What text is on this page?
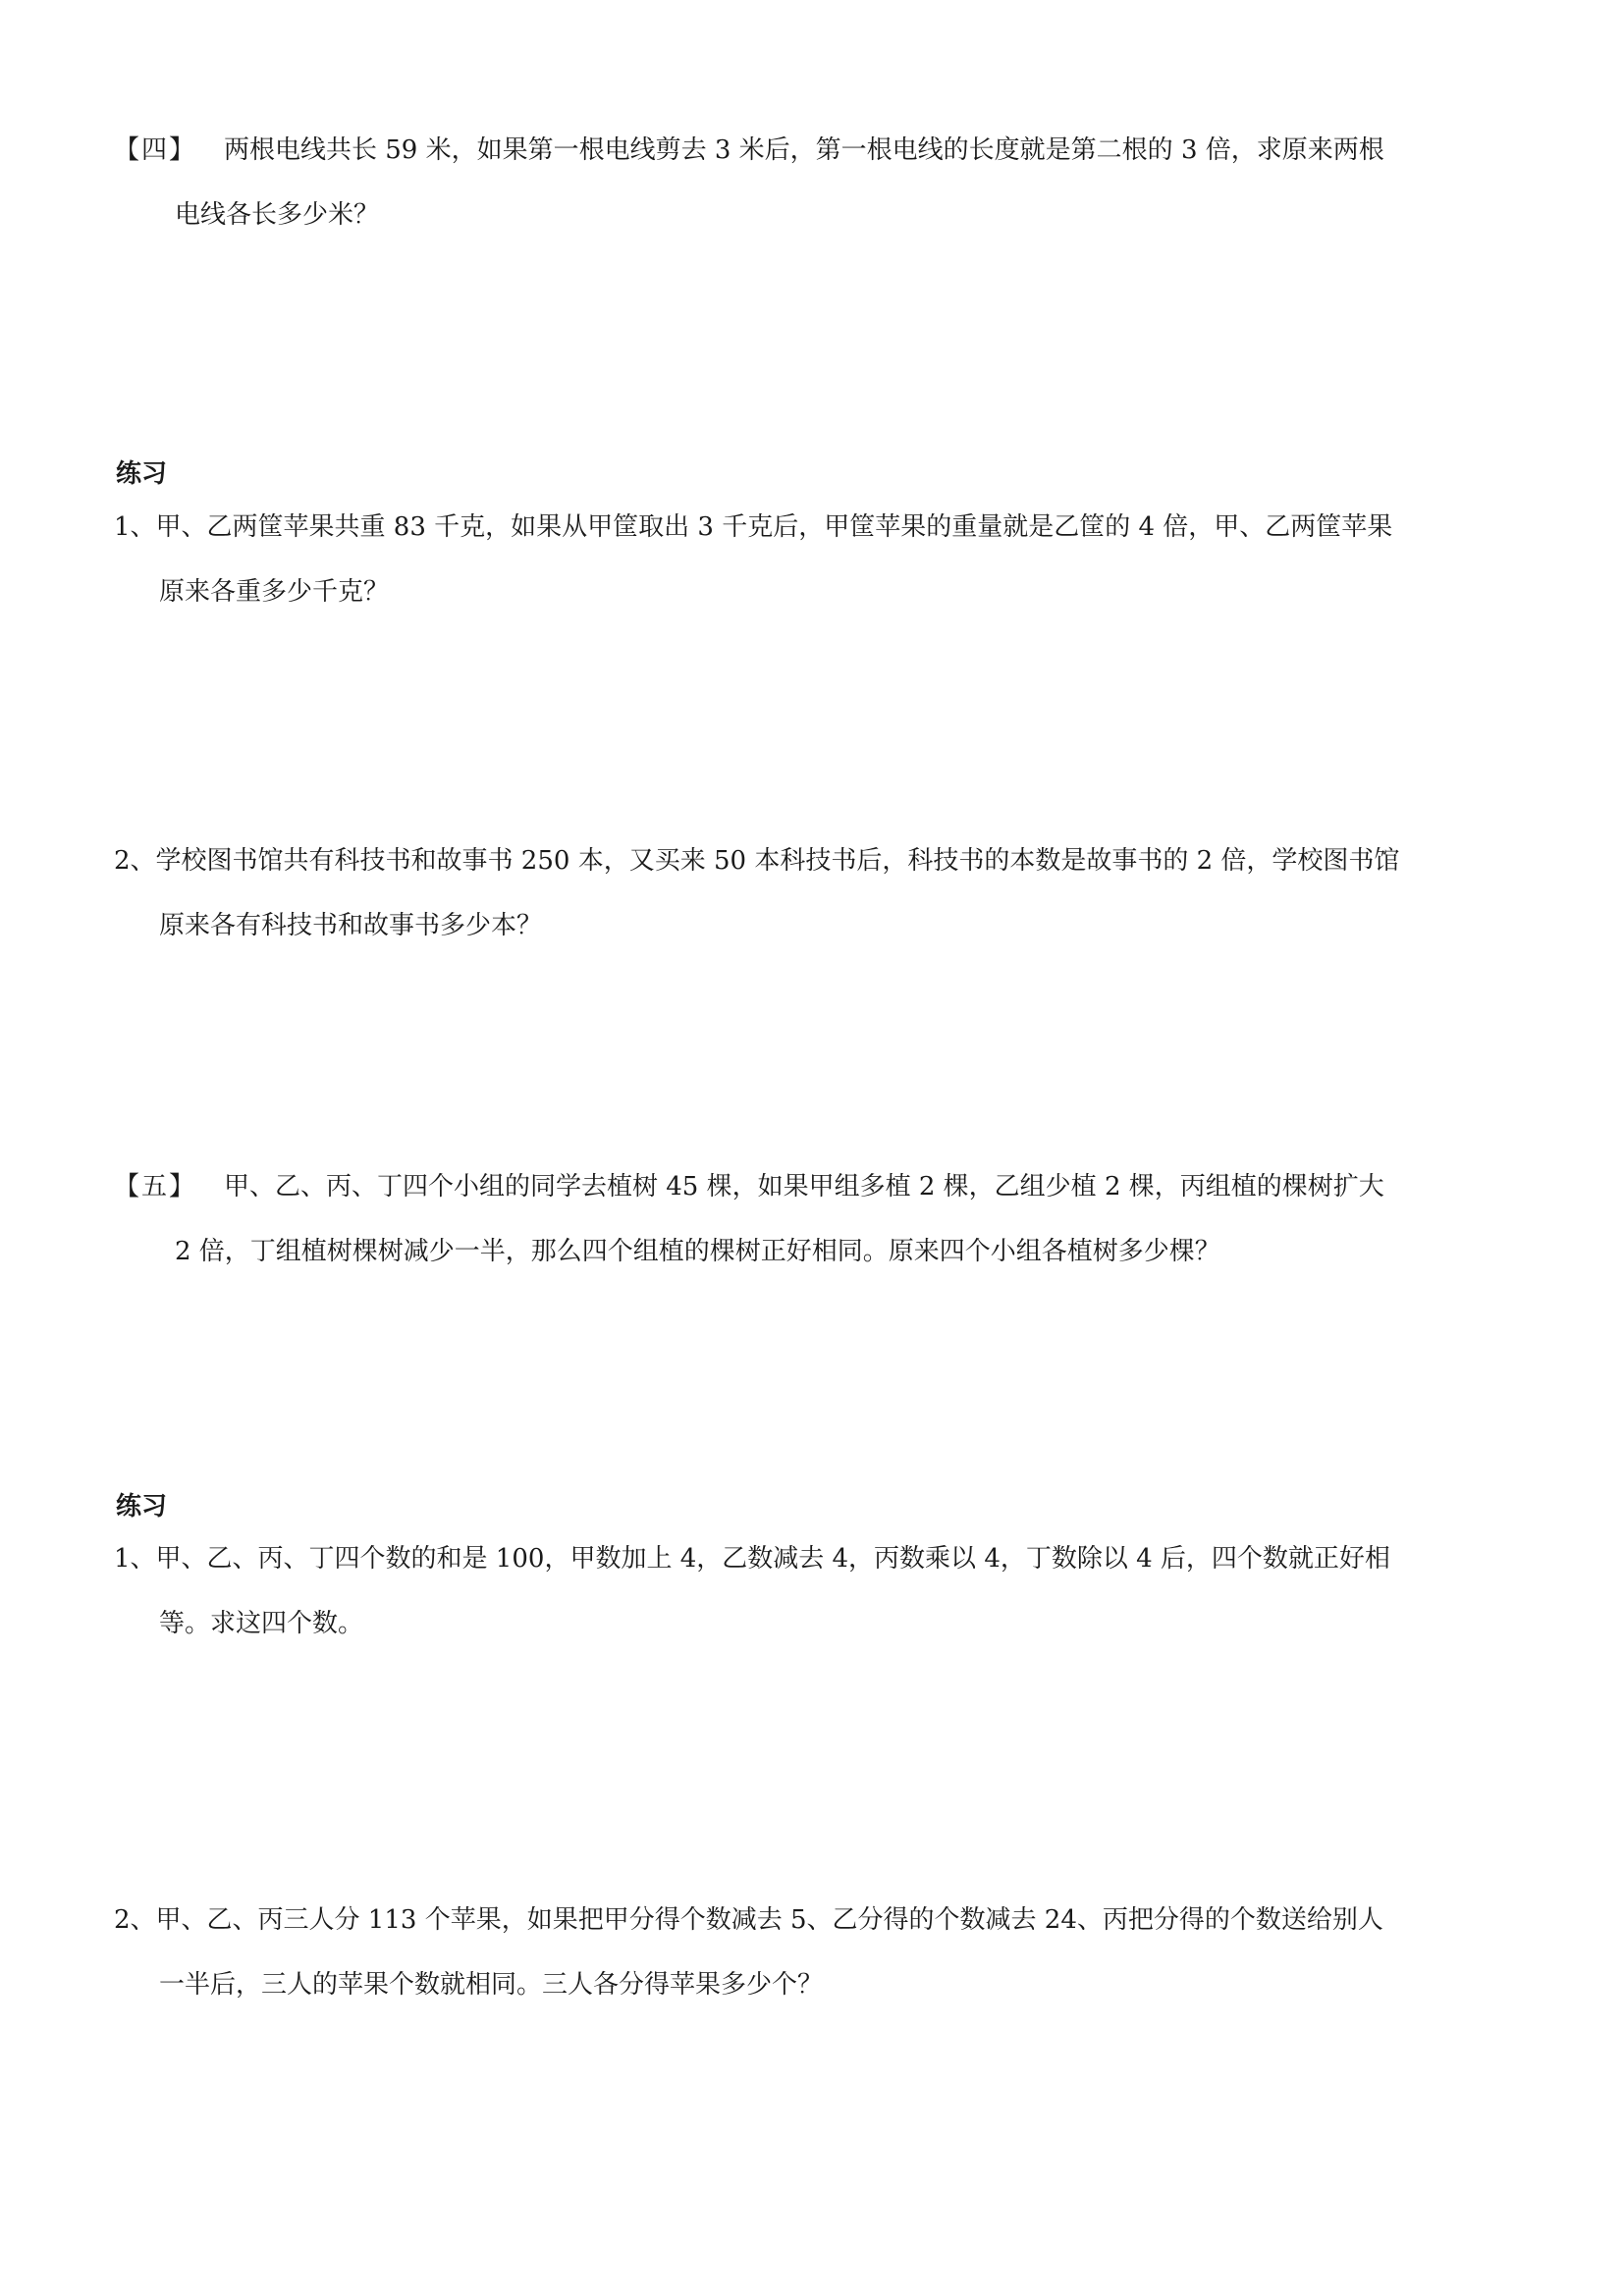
【四】 两根电线共长 59 米，如果第一根电线剪去 3 米后，第一根电线的长度就是第二根的 3 倍，求原来两根
电线各长多少米？
练习
1、甲、乙两筐苹果共重 83 千克，如果从甲筐取出 3 千克后，甲筐苹果的重量就是乙筐的 4 倍，甲、乙两筐苹果
原来各重多少千克？
2、学校图书馆共有科技书和故事书 250 本，又买来 50 本科技书后，科技书的本数是故事书的 2 倍，学校图书馆
原来各有科技书和故事书多少本？
【五】 甲、乙、丙、丁四个小组的同学去植树 45 棵，如果甲组多植 2 棵，乙组少植 2 棵，丙组植的棵树扩大
2 倍，丁组植树棵树减少一半，那么四个组植的棵树正好相同。原来四个小组各植树多少棵？
练习
1、甲、乙、丙、丁四个数的和是 100，甲数加上 4，乙数减去 4，丙数乘以 4，丁数除以 4 后，四个数就正好相
等。求这四个数。
2、甲、乙、丙三人分 113 个苹果，如果把甲分得个数减去 5、乙分得的个数减去 24、丙把分得的个数送给别人
一半后，三人的苹果个数就相同。三人各分得苹果多少个？
